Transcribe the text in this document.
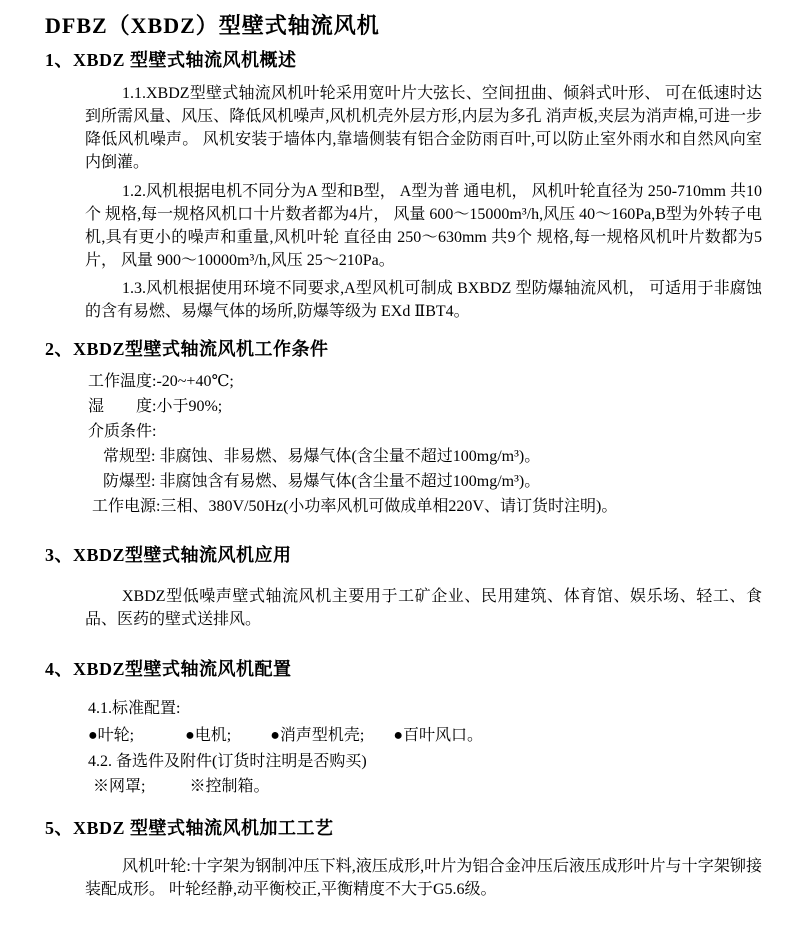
DFBZ（XBDZ）型壁式轴流风机
1、XBDZ 型壁式轴流风机概述

1.1.XBDZ型壁式轴流风机叶轮采用宽叶片大弦长、空间扭曲、倾斜式叶形、 可在低速时达到所需风量、风压、降低风机噪声,风机机壳外层方形,内层为多孔 消声板,夹层为消声棉,可进一步降低风机噪声。 风机安装于墙体内,靠墙侧装有铝合金防雨百叶,可以防止室外雨水和自然风向室内倒灌。

1.2.风机根据电机不同分为A 型和B型， A型为普 通电机， 风机叶轮直径为 250-710mm 共10个 规格,每一规格风机口十片数者都为4片， 风量 600～15000m³/h,风压 40～160Pa,B型为外转子电机,具有更小的噪声和重量,风机叶轮 直径由 250～630mm 共9个 规格,每一规格风机叶片数都为5片， 风量 900～10000m³/h,风压 25～210Pa。

1.3.风机根据使用环境不同要求,A型风机可制成 BXBDZ 型防爆轴流风机， 可适用于非腐蚀的含有易燃、易爆气体的场所,防爆等级为 EXd ⅡBT4。

2、XBDZ型壁式轴流风机工作条件
工作温度:-20~+40℃;
湿　　度:小于90%;
介质条件:
常规型: 非腐蚀、非易燃、易爆气体(含尘量不超过100mg/m³)。
防爆型: 非腐蚀含有易燃、易爆气体(含尘量不超过100mg/m³)。
工作电源:三相、380V/50Hz(小功率风机可做成单相220V、请订货时注明)。
3、XBDZ型壁式轴流风机应用

XBDZ型低噪声壁式轴流风机主要用于工矿企业、民用建筑、体育馆、娱乐场、轻工、食品、医药的壁式送排风。

4、XBDZ型壁式轴流风机配置
4.1.标准配置:
●叶轮;	●电机; ●消声型机壳; ●百叶风口。
4.2. 备选件及附件(订货时注明是否购买)
※网罩;	※控制箱。
5、XBDZ 型壁式轴流风机加工工艺

风机叶轮:十字架为钢制冲压下料,液压成形,叶片为铝合金冲压后液压成形叶片与十字架铆接装配成形。 叶轮经静,动平衡校正,平衡精度不大于G5.6级。
